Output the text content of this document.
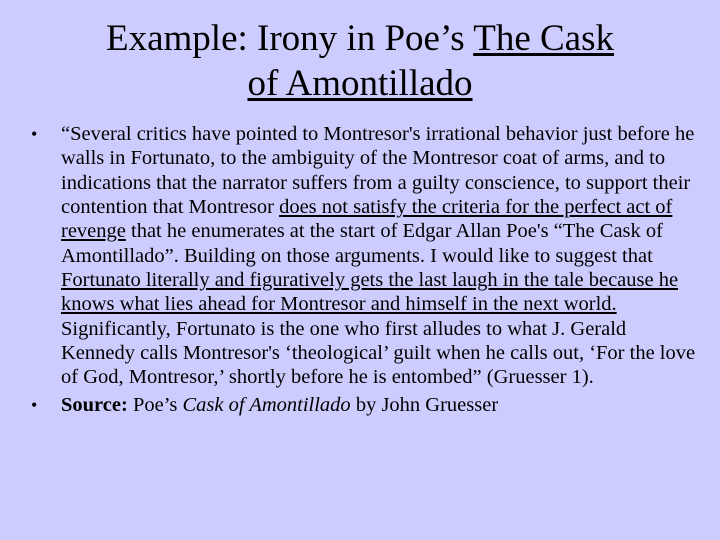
Example: Irony in Poe’s The Cask
of Amontillado
•	“Several critics have pointed to Montresor's irrational behavior just before he walls in Fortunato, to the ambiguity of the Montresor coat of arms, and to indications that the narrator suffers from a guilty conscience, to support their contention that Montresor does not satisfy the criteria for the perfect act of revenge that he enumerates at the start of Edgar Allan Poe's “The Cask of Amontillado”. Building on those arguments. I would like to suggest that Fortunato literally and figuratively gets the last laugh in the tale because he knows what lies ahead for Montresor and himself in the next world. Significantly, Fortunato is the one who first alludes to what J. Gerald Kennedy calls Montresor's ‘theological’ guilt when he calls out, ‘For the love of God, Montresor,’ shortly before he is entombed” (Gruesser 1).
•	Source: Poe’s Cask of Amontillado by John Gruesser
